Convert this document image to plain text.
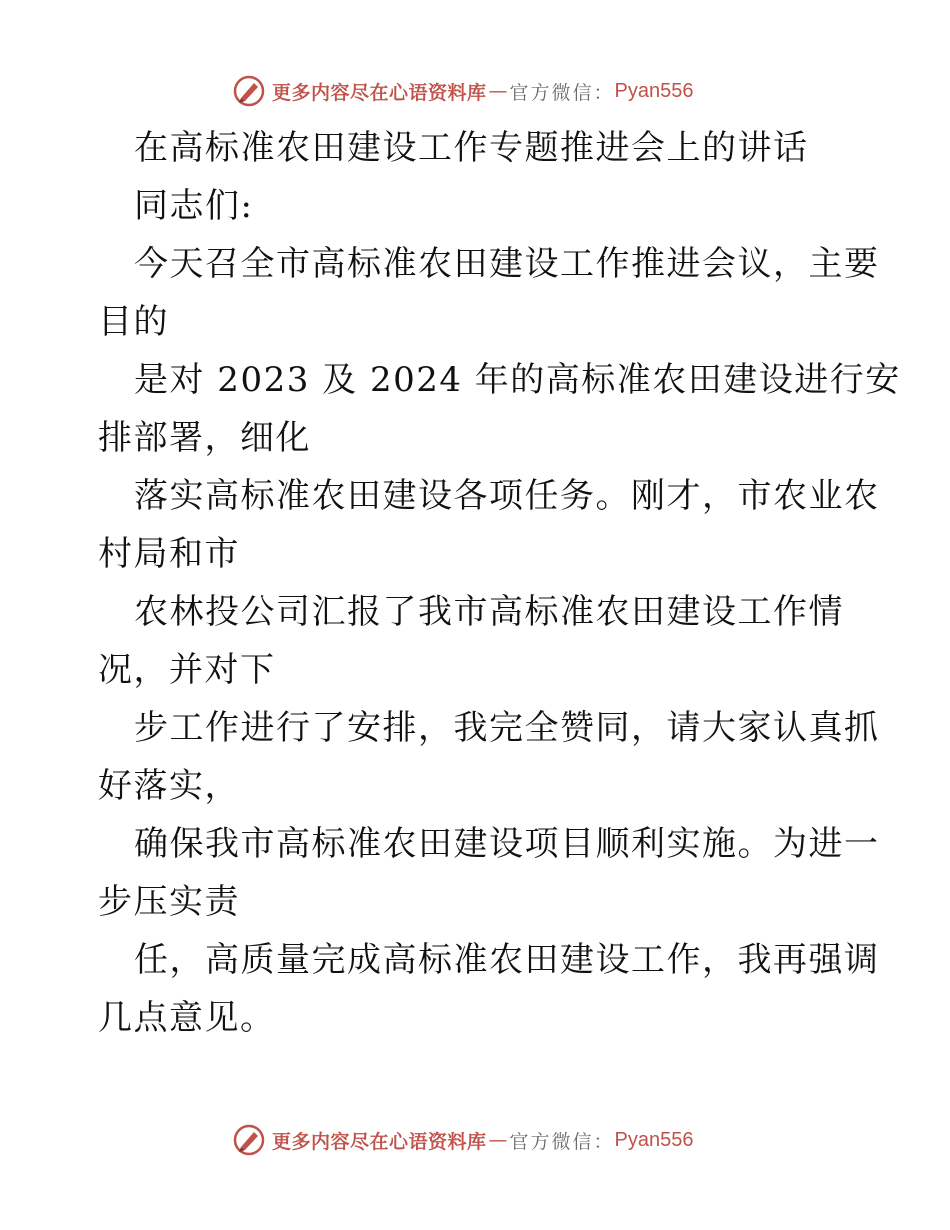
更多内容尽在心语资料库 — 官方微信： Pyan556
在高标准农田建设工作专题推进会上的讲话
同志们:
今天召全市高标准农田建设工作推进会议，主要
目的
是对 2023 及 2024 年的高标准农田建设进行安
排部署，细化
落实高标准农田建设各项任务。刚才，市农业农
村局和市
农林投公司汇报了我市高标准农田建设工作情
况，并对下
步工作进行了安排，我完全赞同，请大家认真抓
好落实，
确保我市高标准农田建设项目顺利实施。为进一
步压实责
任，高质量完成高标准农田建设工作，我再强调
几点意见。
更多内容尽在心语资料库 — 官方微信： Pyan556
